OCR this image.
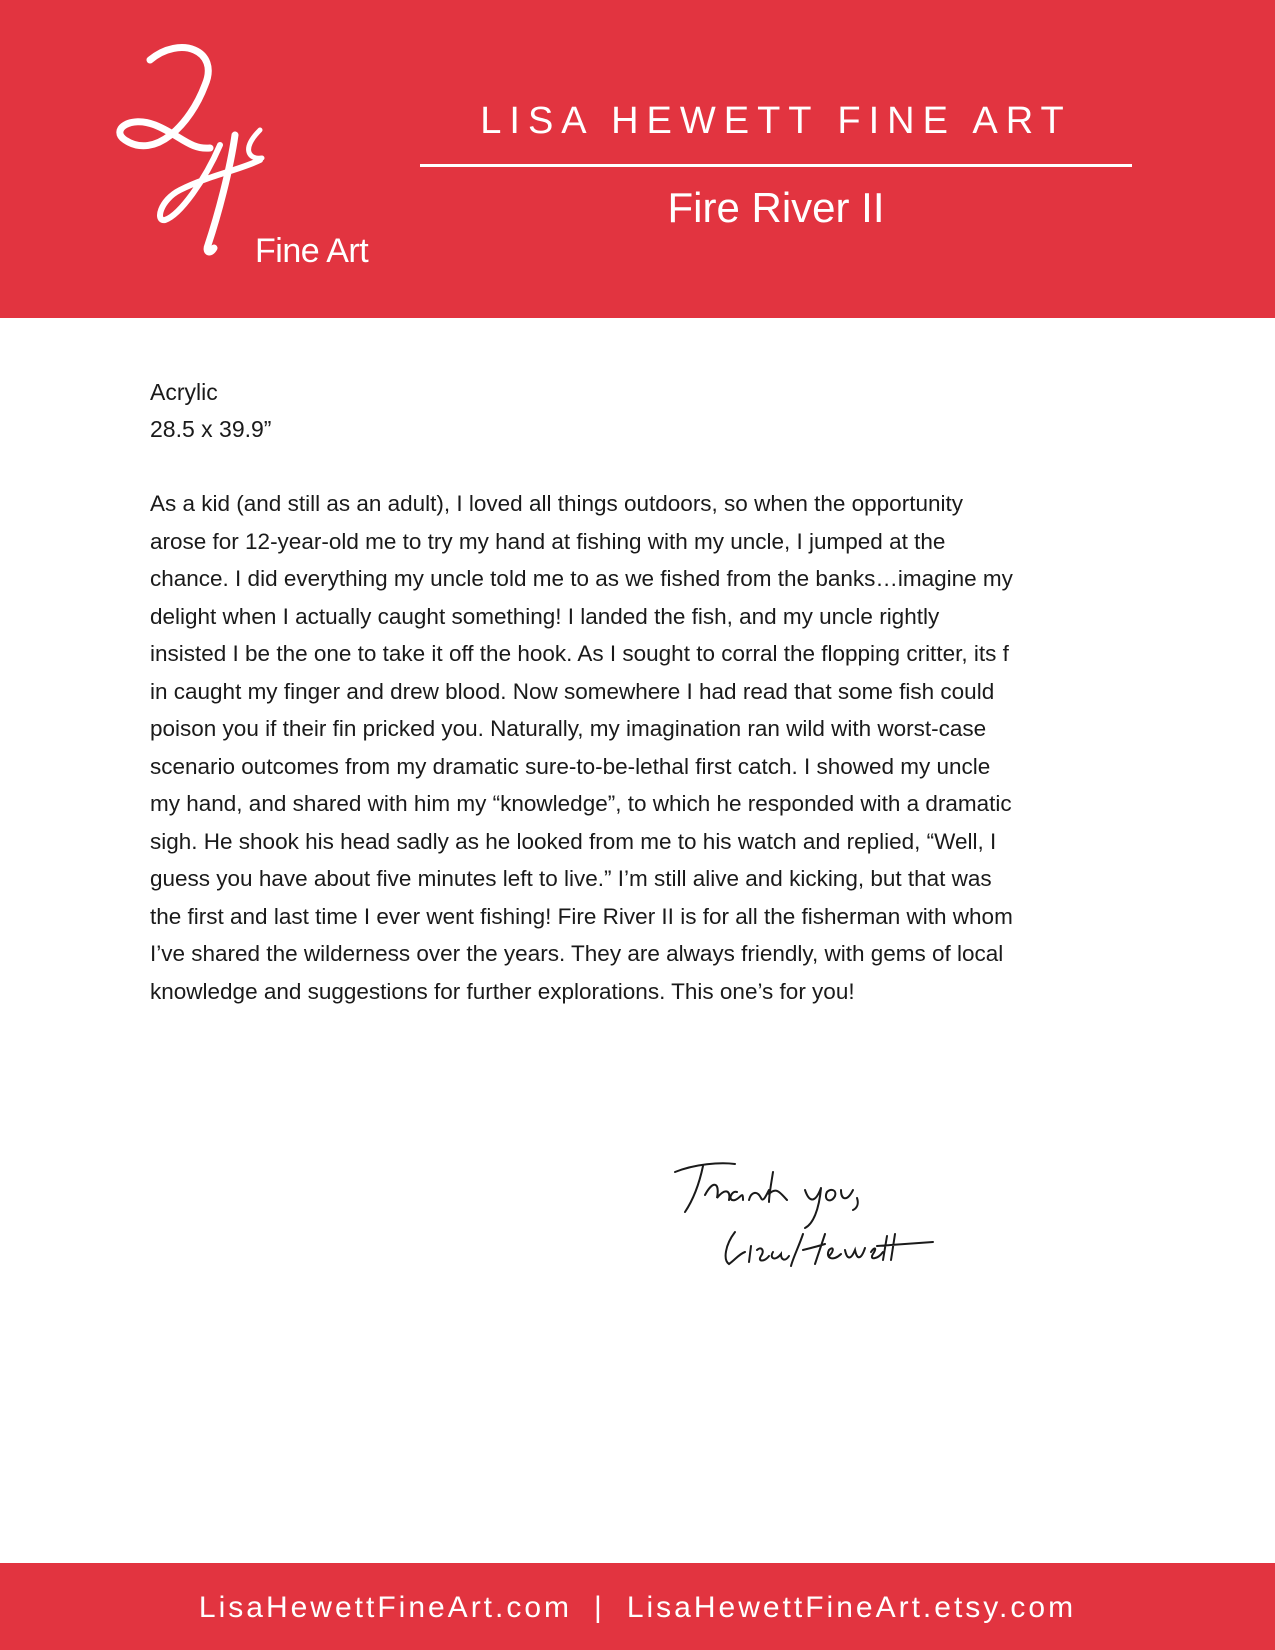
Fine Art
LISA HEWETT FINE ART
Fire River II
Acrylic
28.5 x 39.9”
As a kid (and still as an adult), I loved all things outdoors, so when the opportunity
arose for 12-year-old me to try my hand at fishing with my uncle, I jumped at the
chance. I did everything my uncle told me to as we fished from the banks…imagine my
delight when I actually caught something! I landed the fish, and my uncle rightly
insisted I be the one to take it off the hook. As I sought to corral the flopping critter, its f
in caught my finger and drew blood. Now somewhere I had read that some fish could
poison you if their fin pricked you. Naturally, my imagination ran wild with worst-case
scenario outcomes from my dramatic sure-to-be-lethal first catch. I showed my uncle
my hand, and shared with him my “knowledge”, to which he responded with a dramatic
sigh. He shook his head sadly as he looked from me to his watch and replied, “Well, I
guess you have about five minutes left to live.” I’m still alive and kicking, but that was
the first and last time I ever went fishing! Fire River II is for all the fisherman with whom
I’ve shared the wilderness over the years. They are always friendly, with gems of local
knowledge and suggestions for further explorations. This one’s for you!
LisaHewettFineArt.com | LisaHewettFineArt.etsy.com
